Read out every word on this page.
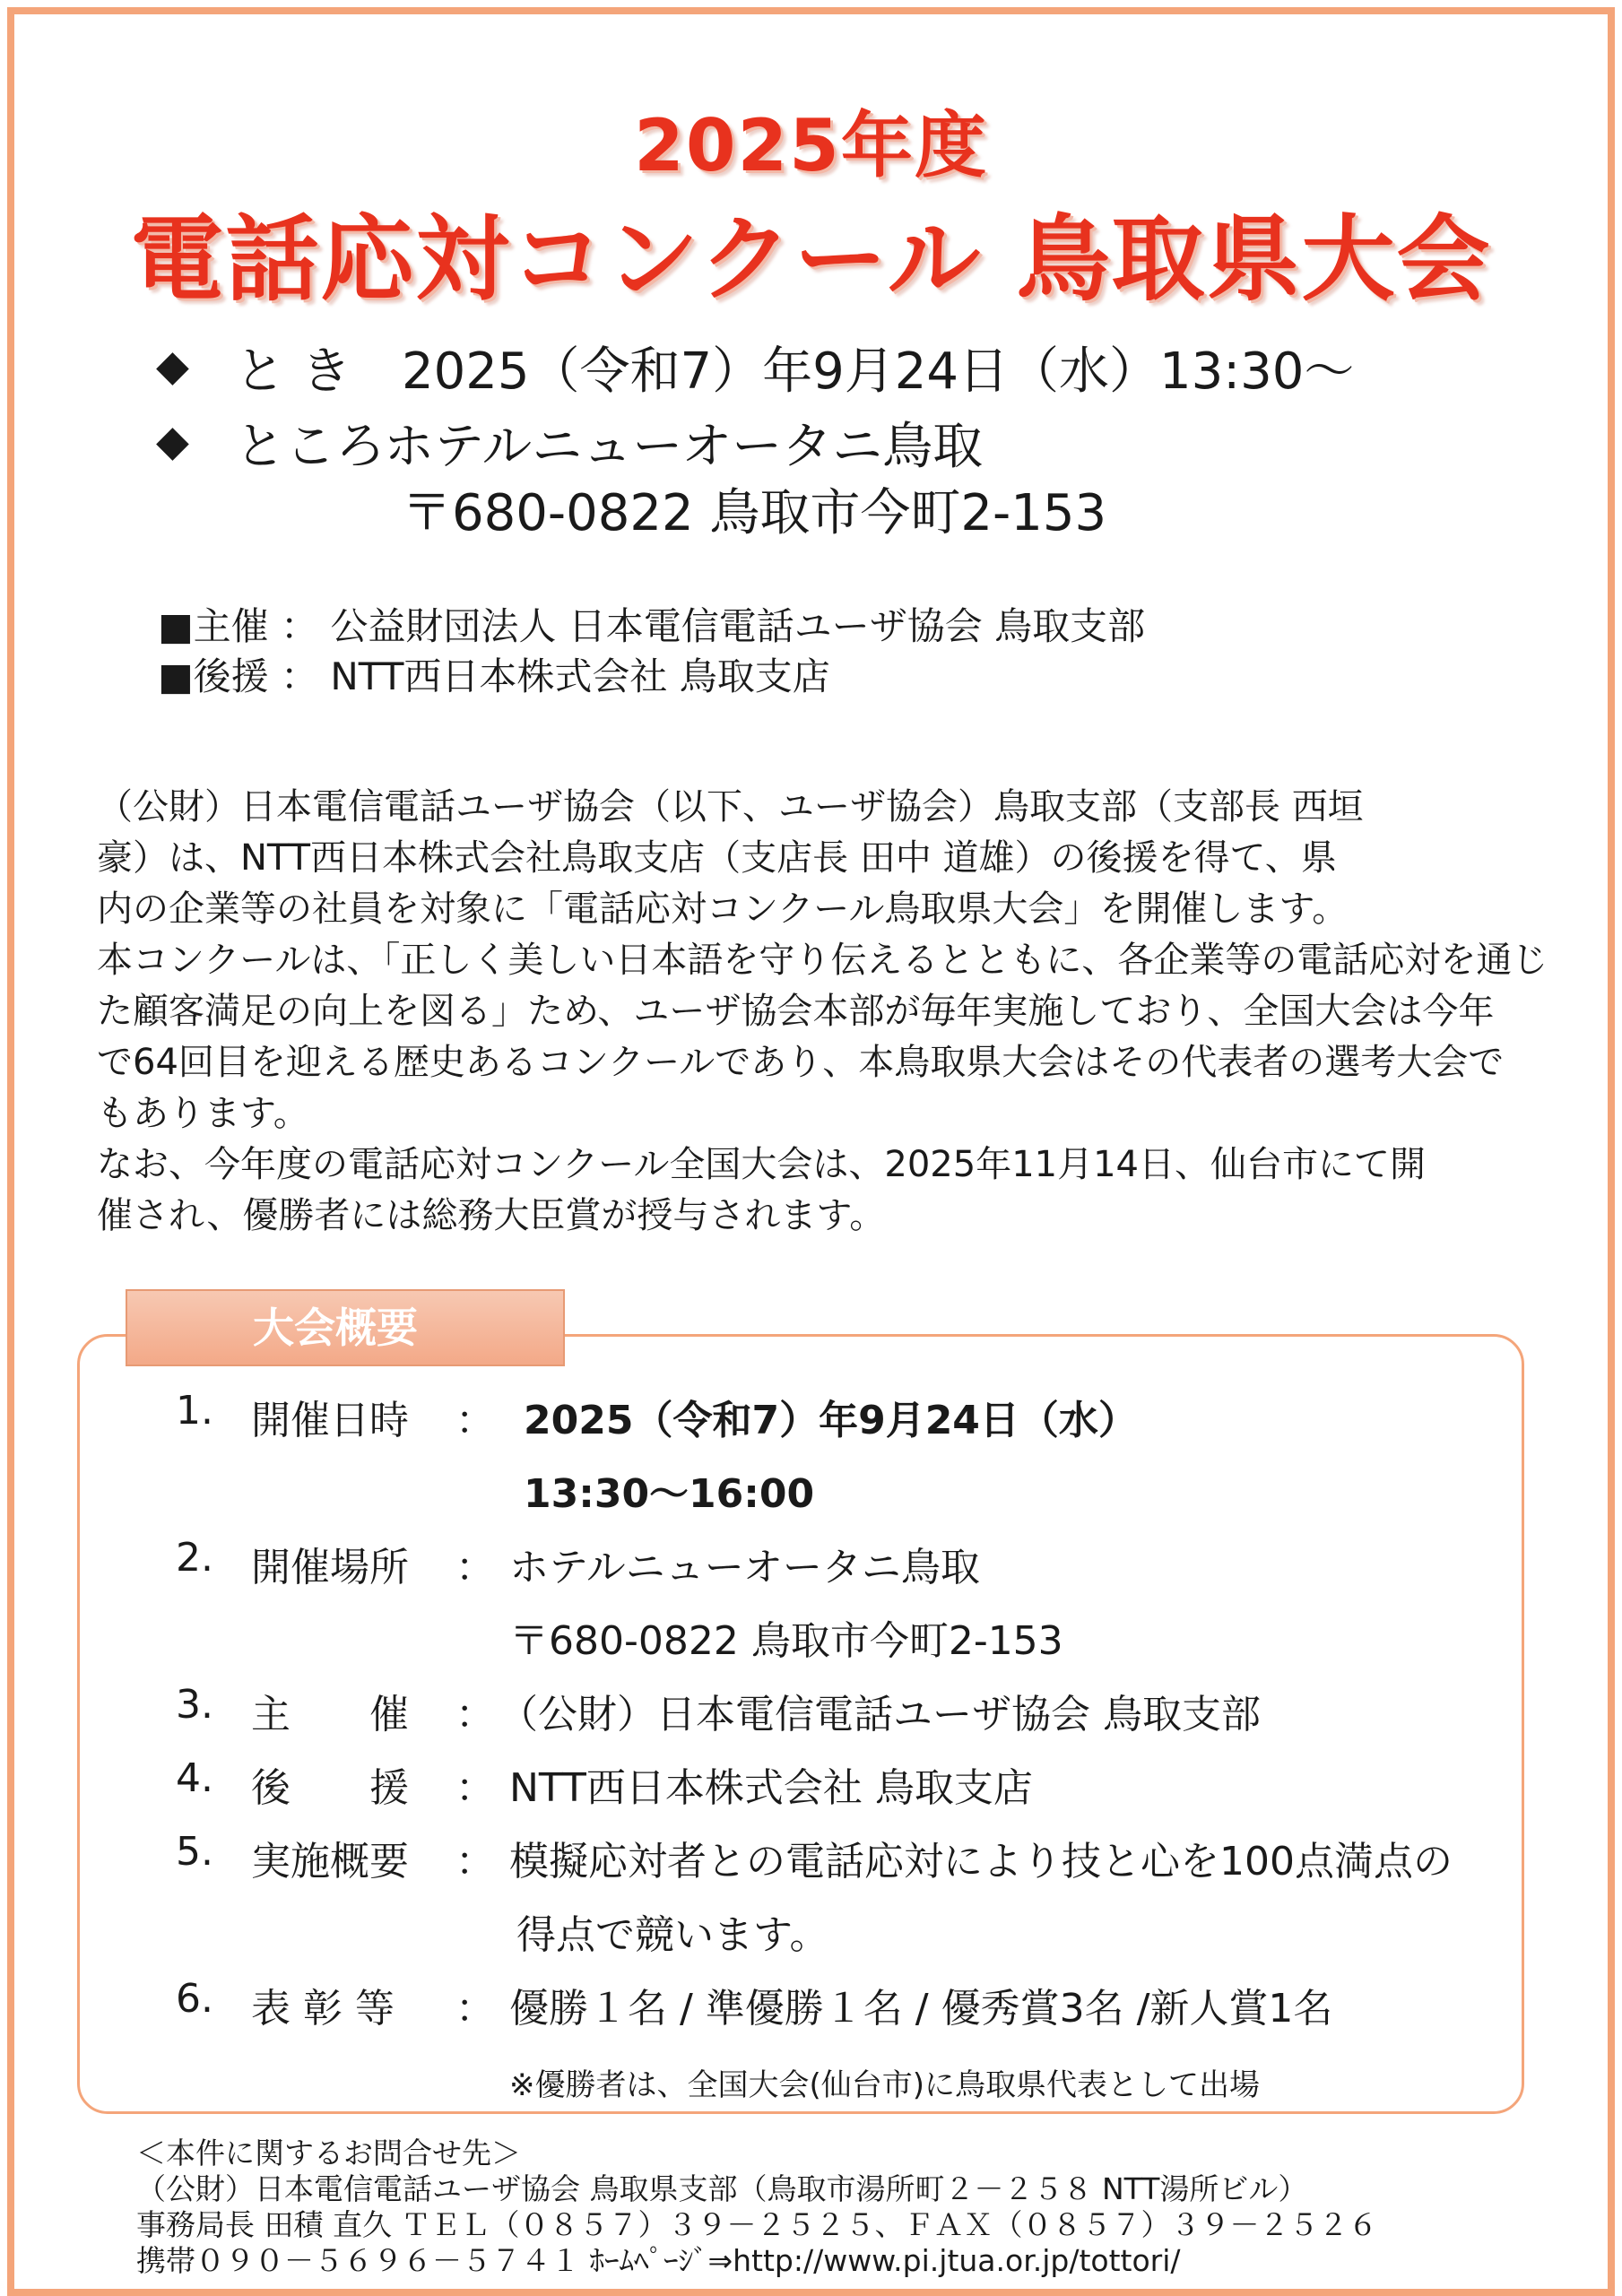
2025年度
電話応対コンクール 鳥取県大会
◆ と き 2025（令和7）年9月24日（水）13:30～
◆ ところ
ホテルニューオータニ鳥取
〒680-0822 鳥取市今町2-153
■主催 ： 公益財団法人 日本電信電話ユーザ協会 鳥取支部
■後援 ： NTT西日本株式会社 鳥取支店
（公財）日本電信電話ユーザ協会（以下、ユーザ協会）鳥取支部（支部長 西垣
豪）は、NTT西日本株式会社鳥取支店（支店長 田中 道雄）の後援を得て、県
内の企業等の社員を対象に「電話応対コンクール鳥取県大会」を開催します。
本コンクールは、「正しく美しい日本語を守り伝えるとともに、各企業等の電話応対を通じ
た顧客満足の向上を図る」ため、ユーザ協会本部が毎年実施しており、全国大会は今年
で64回目を迎える歴史あるコンクールであり、本鳥取県大会はその代表者の選考大会で
もあります。
なお、今年度の電話応対コンクール全国大会は、2025年11月14日、仙台市にて開
催され、優勝者には総務大臣賞が授与されます。
大会概要
1. 開催日時 ： 2025（令和7）年9月24日（水）
13:30～16:00
2. 開催場所 ： ホテルニューオータニ鳥取
〒680-0822 鳥取市今町2-153
3. 主　　催 ： （公財）日本電信電話ユーザ協会 鳥取支部
4. 後　　援 ： NTT西日本株式会社 鳥取支店
5. 実施概要 ： 模擬応対者との電話応対により技と心を100点満点の
得点で競います。
6. 表 彰 等 ： 優勝１名 / 準優勝１名 / 優秀賞3名 /新人賞1名
※優勝者は、全国大会(仙台市)に鳥取県代表として出場
＜本件に関するお問合せ先＞
（公財）日本電信電話ユーザ協会 鳥取県支部（鳥取市湯所町２－２５８ NTT湯所ビル）
事務局長 田積 直久 ＴＥＬ（０８５７）３９－２５２５、ＦＡＸ（０８５７）３９－２５２６
携帯０９０－５６９６－５７４１ ﾎｰﾑﾍﾟｰｼﾞ⇒http://www.pi.jtua.or.jp/tottori/
